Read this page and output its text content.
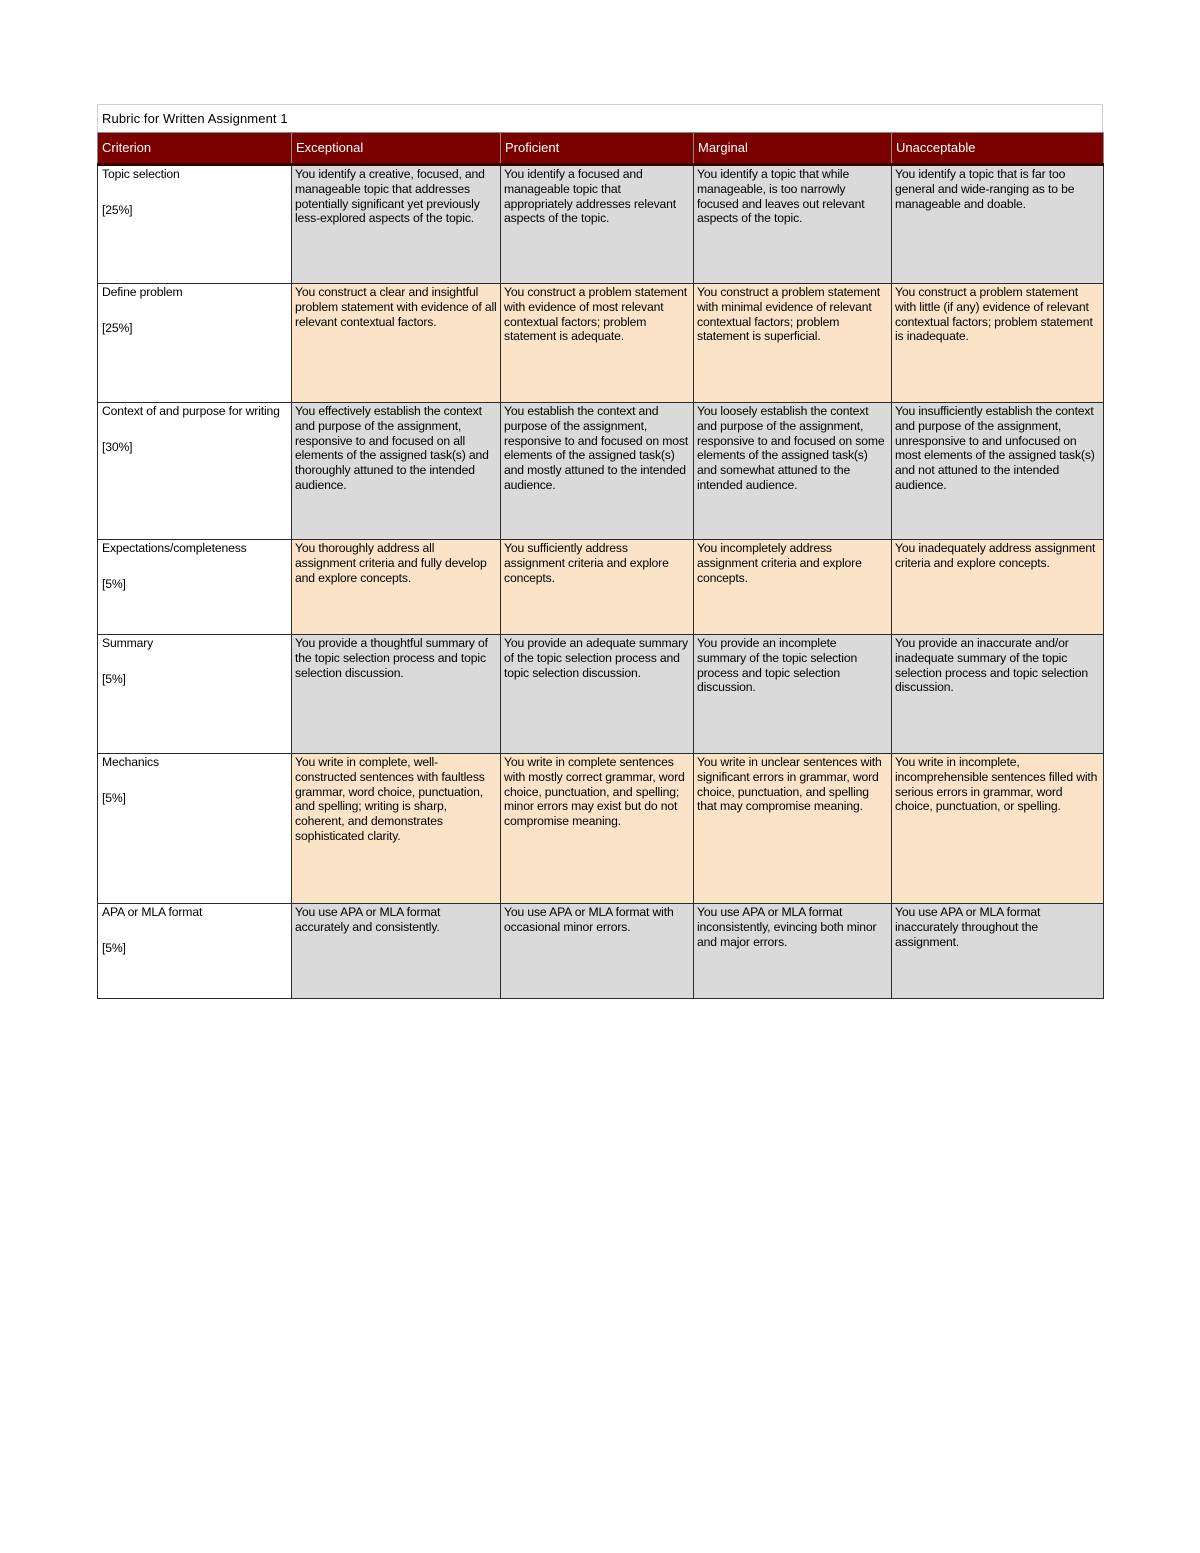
Rubric for Written Assignment 1
Criterion	Exceptional	Proficient	Marginal	Unacceptable

Topic selection
[25%]	You identify a creative, focused, and manageable topic that addresses potentially significant yet previously less-explored aspects of the topic.	You identify a focused and manageable topic that appropriately addresses relevant aspects of the topic.	You identify a topic that while manageable, is too narrowly focused and leaves out relevant aspects of the topic.	You identify a topic that is far too general and wide-ranging as to be manageable and doable.

Define problem
[25%]	You construct a clear and insightful problem statement with evidence of all relevant contextual factors.	You construct a problem statement with evidence of most relevant contextual factors; problem statement is adequate.	You construct a problem statement with minimal evidence of relevant contextual factors; problem statement is superficial.	You construct a problem statement with little (if any) evidence of relevant contextual factors; problem statement is inadequate.

Context of and purpose for writing
[30%]	You effectively establish the context and purpose of the assignment, responsive to and focused on all elements of the assigned task(s) and thoroughly attuned to the intended audience.	You establish the context and purpose of the assignment, responsive to and focused on most elements of the assigned task(s) and mostly attuned to the intended audience.	You loosely establish the context and purpose of the assignment, responsive to and focused on some elements of the assigned task(s) and somewhat attuned to the intended audience.	You insufficiently establish the context and purpose of the assignment, unresponsive to and unfocused on most elements of the assigned task(s) and not attuned to the intended audience.

Expectations/completeness
[5%]	You thoroughly address all assignment criteria and fully develop and explore concepts.	You sufficiently address assignment criteria and explore concepts.	You incompletely address assignment criteria and explore concepts.	You inadequately address assignment criteria and explore concepts.

Summary
[5%]	You provide a thoughtful summary of the topic selection process and topic selection discussion.	You provide an adequate summary of the topic selection process and topic selection discussion.	You provide an incomplete summary of the topic selection process and topic selection discussion.	You provide an inaccurate and/or inadequate summary of the topic selection process and topic selection discussion.

Mechanics
[5%]	You write in complete, well-constructed sentences with faultless grammar, word choice, punctuation, and spelling; writing is sharp, coherent, and demonstrates sophisticated clarity.	You write in complete sentences with mostly correct grammar, word choice, punctuation, and spelling; minor errors may exist but do not compromise meaning.	You write in unclear sentences with significant errors in grammar, word choice, punctuation, and spelling that may compromise meaning.	You write in incomplete, incomprehensible sentences filled with serious errors in grammar, word choice, punctuation, or spelling.

APA or MLA format
[5%]	You use APA or MLA format accurately and consistently.	You use APA or MLA format with occasional minor errors.	You use APA or MLA format inconsistently, evincing both minor and major errors.	You use APA or MLA format inaccurately throughout the assignment.
